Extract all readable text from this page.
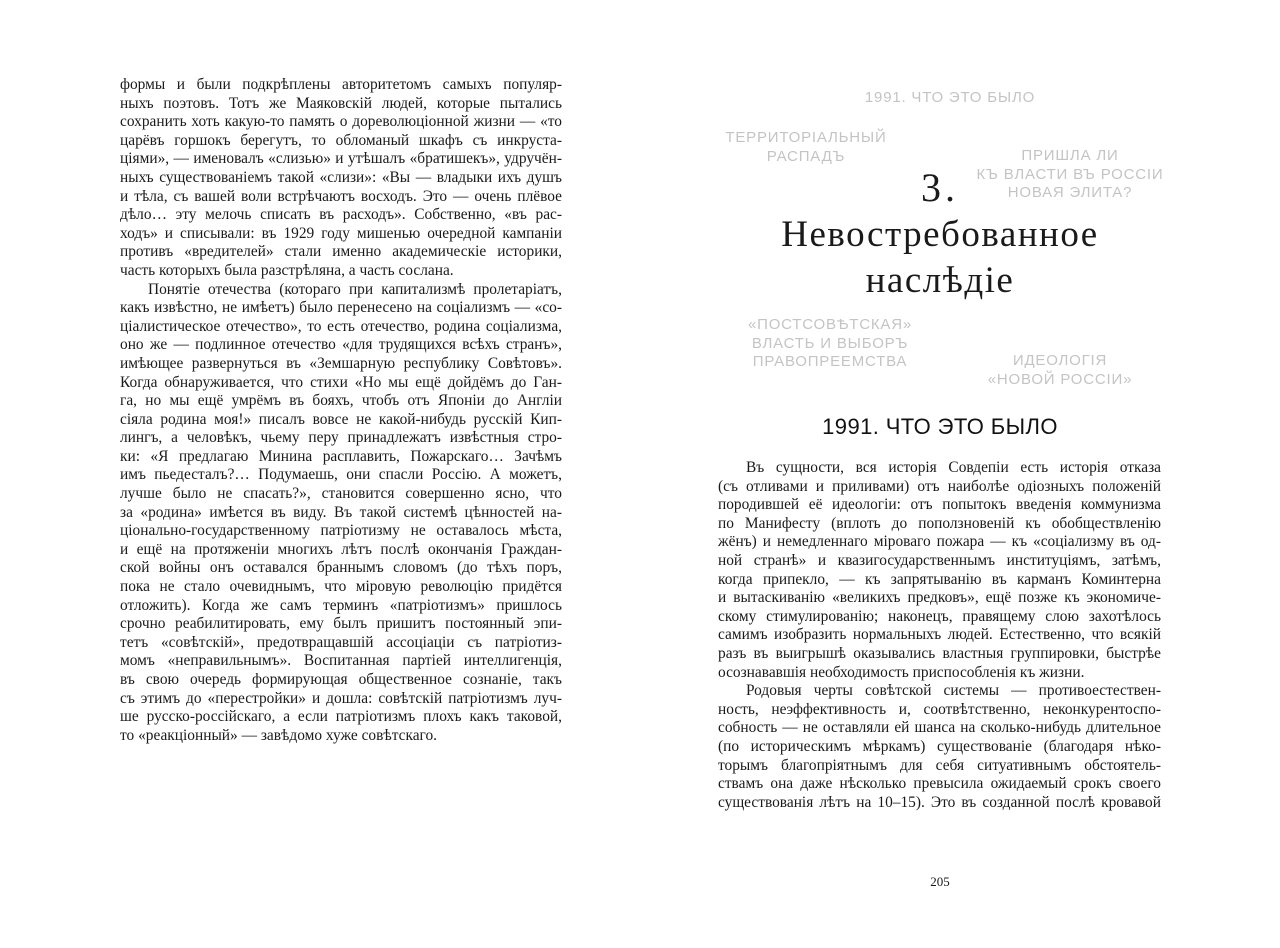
формы и были подкрѣплены авторитетомъ самыхъ популяр-

ныхъ поэтовъ. Тотъ же Маяковскій людей, которые пытались

сохранить хоть какую-то память о дореволюціонной жизни — «то

царёвъ горшокъ берегутъ, то обломаный шкафъ съ инкруста-

ціями», — именовалъ «слизью» и утѣшалъ «братишекъ», удручён-

ныхъ существованіемъ такой «слизи»: «Вы — владыки ихъ душъ

и тѣла, съ вашей воли встрѣчаютъ восходъ. Это — очень плёвое

дѣло… эту мелочь списать въ расходъ». Собственно, «въ рас-

ходъ» и списывали: въ 1929 году мишенью очередной кампаніи

противъ «вредителей» стали именно академическіе историки,

часть которыхъ была разстрѣляна, а часть сослана.

Понятіе отечества (котораго при капитализмѣ пролетаріатъ,

какъ извѣстно, не имѣетъ) было перенесено на соціализмъ — «со-

ціалистическое отечество», то есть отечество, родина соціализма,

оно же — подлинное отечество «для трудящихся всѣхъ странъ»,

имѣющее развернуться въ «Земшарную республику Совѣтовъ».

Когда обнаруживается, что стихи «Но мы ещё дойдёмъ до Ган-

га, но мы ещё умрёмъ въ бояхъ, чтобъ отъ Японіи до Англіи

сіяла родина моя!» писалъ вовсе не какой-нибудь русскій Кип-

лингъ, а человѣкъ, чьему перу принадлежатъ извѣстныя стро-

ки: «Я предлагаю Минина расплавить, Пожарскаго… Зачѣмъ

имъ пьедесталъ?… Подумаешь, они спасли Россію. А можетъ,

лучше было не спасать?», становится совершенно ясно, что

за «родина» имѣется въ виду. Въ такой системѣ цѣнностей на-

ціонально-государственному патріотизму не оставалось мѣста,

и ещё на протяженіи многихъ лѣтъ послѣ окончанія Граждан-

ской войны онъ оставался браннымъ словомъ (до тѣхъ поръ,

пока не стало очевиднымъ, что міровую революцію придётся

отложить). Когда же самъ терминъ «патріотизмъ» пришлось

срочно реабилитировать, ему былъ пришитъ постоянный эпи-

тетъ «совѣтскій», предотвращавшій ассоціаціи съ патріотиз-

момъ «неправильнымъ». Воспитанная партіей интеллигенція,

въ свою очередь формирующая общественное сознаніе, такъ

съ этимъ до «перестройки» и дошла: совѣтскій патріотизмъ луч-

ше русско-россійскаго, а если патріотизмъ плохъ какъ таковой,

то «реакціонный» — завѣдомо хуже совѣтскаго.

1991. ЧТО ЭТО БЫЛО
ТЕРРИТОРІАЛЬНЫЙ
РАСПАДЪ	ПРИШЛА ЛИ
КЪ ВЛАСТИ ВЪ РОССІИ
НОВАЯ ЭЛИТА?
«ПОСТСОВѢТСКАЯ»
ВЛАСТЬ И ВЫБОРЪ
ПРАВОПРЕЕМСТВА	ИДЕОЛОГІЯ
«НОВОЙ РОССІИ»
3.
Невостребованное
наслѣдіе
1991. ЧТО ЭТО БЫЛО

Въ сущности, вся исторія Совдепіи есть исторія отказа

(съ отливами и приливами) отъ наиболѣе одіозныхъ положеній

породившей её идеологіи: отъ попытокъ введенія коммунизма

по Манифесту (вплоть до поползновеній къ обобществленію

жёнъ) и немедленнаго міроваго пожара — къ «соціализму въ од-

ной странѣ» и квазигосударственнымъ институціямъ, затѣмъ,

когда припекло, — къ запрятыванію въ карманъ Коминтерна

и вытаскиванію «великихъ предковъ», ещё позже къ экономиче-

скому стимулированію; наконецъ, правящему слою захотѣлось

самимъ изобразить нормальныхъ людей. Естественно, что всякій

разъ въ выигрышѣ оказывались властныя группировки, быстрѣе

осознававшія необходимость приспособленія къ жизни.

Родовыя черты совѣтской системы — противоестествен-

ность, неэффективность и, соотвѣтственно, неконкурентоспо-

собность — не оставляли ей шанса на сколько-нибудь длительное

(по историческимъ мѣркамъ) существованіе (благодаря нѣко-

торымъ благопріятнымъ для себя ситуативнымъ обстоятель-

ствамъ она даже нѣсколько превысила ожидаемый срокъ своего

существованія лѣтъ на 10–15). Это въ созданной послѣ кровавой

205
